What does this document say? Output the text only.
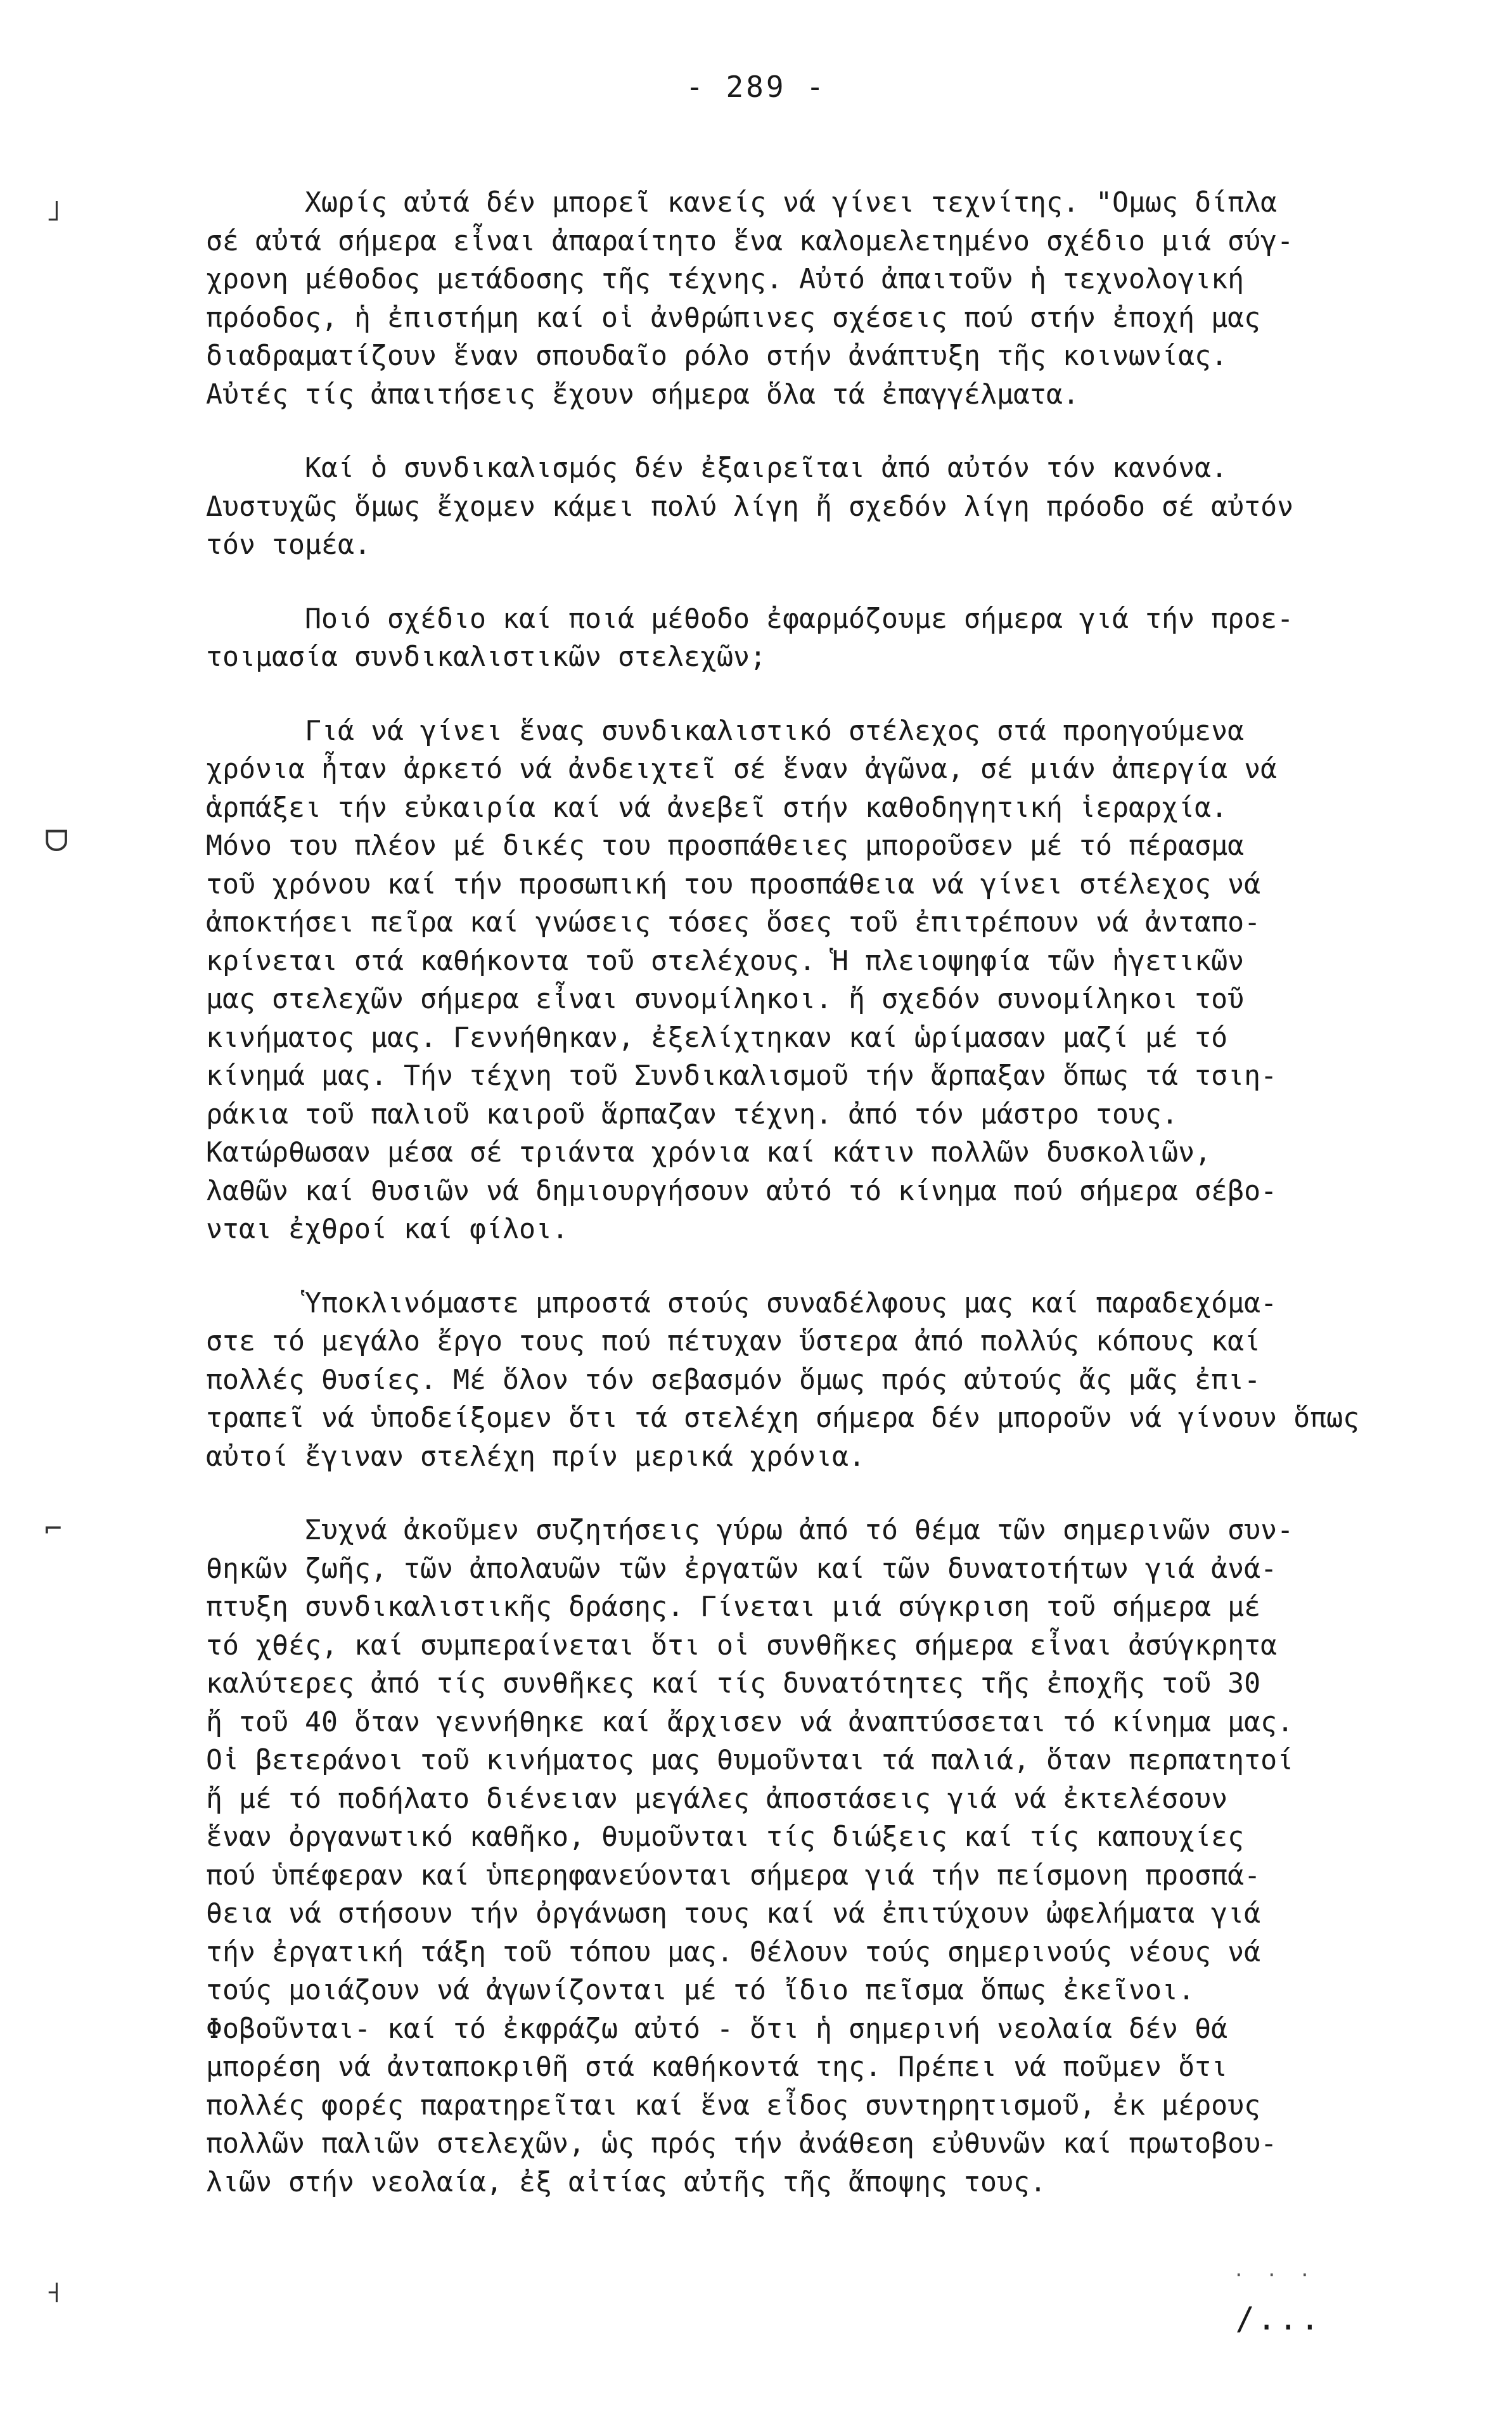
- 289 -
˩
ᗜ
⌐
˧
Χωρίς αὐτά δέν μπορεῖ κανείς νά γίνει τεχνίτης. "Ομως δίπλα
σέ αὐτά σήμερα εἶναι ἀπαραίτητο ἕνα καλομελετημένο σχέδιο μιά σύγ-
χρονη μέθοδος μετάδοσης τῆς τέχνης. Αὐτό ἀπαιτοῦν ἡ τεχνολογική
πρόοδος, ἡ ἐπιστήμη καί οἱ ἀνθρώπινες σχέσεις πού στήν ἐποχή μας
διαδραματίζουν ἕναν σπουδαῖο ρόλο στήν ἀνάπτυξη τῆς κοινωνίας.
Αὐτές τίς ἀπαιτήσεις ἔχουν σήμερα ὅλα τά ἐπαγγέλματα.
Καί ὁ συνδικαλισμός δέν ἐξαιρεῖται ἀπό αὐτόν τόν κανόνα.
Δυστυχῶς ὅμως ἔχομεν κάμει πολύ λίγη ἤ σχεδόν λίγη πρόοδο σέ αὐτόν
τόν τομέα.
Ποιό σχέδιο καί ποιά μέθοδο ἐφαρμόζουμε σήμερα γιά τήν προε-
τοιμασία συνδικαλιστικῶν στελεχῶν;
Γιά νά γίνει ἕνας συνδικαλιστικό στέλεχος στά προηγούμενα
χρόνια ἦταν ἀρκετό νά ἀνδειχτεῖ σέ ἕναν ἀγῶνα, σέ μιάν ἀπεργία νά
ἁρπάξει τήν εὐκαιρία καί νά ἀνεβεῖ στήν καθοδηγητική ἱεραρχία.
Μόνο του πλέον μέ δικές του προσπάθειες μποροῦσεν μέ τό πέρασμα
τοῦ χρόνου καί τήν προσωπική του προσπάθεια νά γίνει στέλεχος νά
ἀποκτήσει πεῖρα καί γνώσεις τόσες ὅσες τοῦ ἐπιτρέπουν νά ἀνταπο-
κρίνεται στά καθήκοντα τοῦ στελέχους. Ἡ πλειοψηφία τῶν ἡγετικῶν
μας στελεχῶν σήμερα εἶναι συνομίληκοι. ἤ σχεδόν συνομίληκοι τοῦ
κινήματος μας. Γεννήθηκαν, ἐξελίχτηκαν καί ὡρίμασαν μαζί μέ τό
κίνημά μας. Τήν τέχνη τοῦ Συνδικαλισμοῦ τήν ἅρπαξαν ὅπως τά τσιη-
ράκια τοῦ παλιοῦ καιροῦ ἅρπαζαν τέχνη. ἀπό τόν μάστρο τους.
Κατώρθωσαν μέσα σέ τριάντα χρόνια καί κάτιν πολλῶν δυσκολιῶν,
λαθῶν καί θυσιῶν νά δημιουργήσουν αὐτό τό κίνημα πού σήμερα σέβο-
νται ἐχθροί καί φίλοι.
Ὑποκλινόμαστε μπροστά στούς συναδέλφους μας καί παραδεχόμα-
στε τό μεγάλο ἔργο τους πού πέτυχαν ὕστερα ἀπό πολλύς κόπους καί
πολλές θυσίες. Μέ ὅλον τόν σεβασμόν ὅμως πρός αὐτούς ἄς μᾶς ἐπι-
τραπεῖ νά ὑποδείξομεν ὅτι τά στελέχη σήμερα δέν μποροῦν νά γίνουν ὅπως
αὐτοί ἔγιναν στελέχη πρίν μερικά χρόνια.
Συχνά ἀκοῦμεν συζητήσεις γύρω ἀπό τό θέμα τῶν σημερινῶν συν-
θηκῶν ζωῆς, τῶν ἀπολαυῶν τῶν ἐργατῶν καί τῶν δυνατοτήτων γιά ἀνά-
πτυξη συνδικαλιστικῆς δράσης. Γίνεται μιά σύγκριση τοῦ σήμερα μέ
τό χθές, καί συμπεραίνεται ὅτι οἱ συνθῆκες σήμερα εἶναι ἀσύγκρητα
καλύτερες ἀπό τίς συνθῆκες καί τίς δυνατότητες τῆς ἐποχῆς τοῦ 30
ἤ τοῦ 40 ὅταν γεννήθηκε καί ἄρχισεν νά ἀναπτύσσεται τό κίνημα μας.
Οἱ βετεράνοι τοῦ κινήματος μας θυμοῦνται τά παλιά, ὅταν περπατητοί
ἤ μέ τό ποδήλατο διένειαν μεγάλες ἀποστάσεις γιά νά ἐκτελέσουν
ἕναν ὀργανωτικό καθῆκο, θυμοῦνται τίς διώξεις καί τίς καπουχίες
πού ὑπέφεραν καί ὑπερηφανεύονται σήμερα γιά τήν πείσμονη προσπά-
θεια νά στήσουν τήν ὀργάνωση τους καί νά ἐπιτύχουν ὠφελήματα γιά
τήν ἐργατική τάξη τοῦ τόπου μας. Θέλουν τούς σημερινούς νέους νά
τούς μοιάζουν νά ἀγωνίζονται μέ τό ἴδιο πεῖσμα ὅπως ἐκεῖνοι.
Φοβοῦνται- καί τό ἐκφράζω αὐτό - ὅτι ἡ σημερινή νεολαία δέν θά
μπορέση νά ἀνταποκριθῆ στά καθήκοντά της. Πρέπει νά ποῦμεν ὅτι
πολλές φορές παρατηρεῖται καί ἕνα εἶδος συντηρητισμοῦ, ἐκ μέρους
πολλῶν παλιῶν στελεχῶν, ὡς πρός τήν ἀνάθεση εὐθυνῶν καί πρωτοβου-
λιῶν στήν νεολαία, ἐξ αἰτίας αὐτῆς τῆς ἄποψης τους.
. . .
/...
